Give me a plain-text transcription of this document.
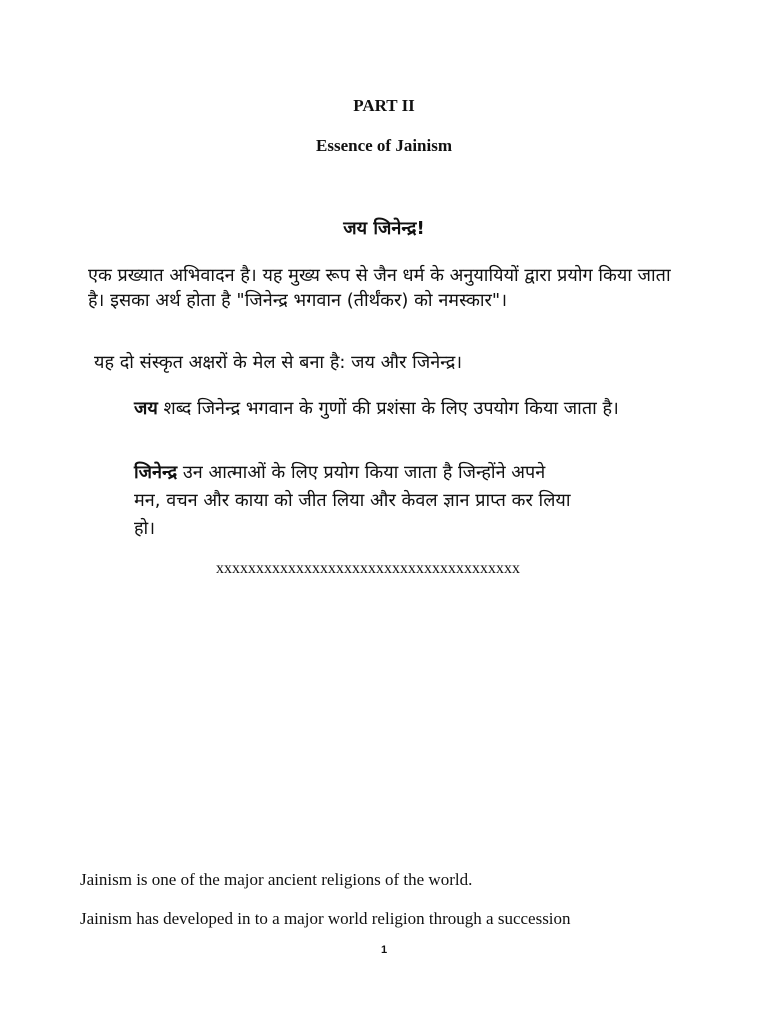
PART II
Essence of Jainism
जय जिनेन्द्र!
एक प्रख्यात अभिवादन है। यह मुख्य रूप से जैन धर्म के अनुयायियों द्वारा प्रयोग किया जाता है। इसका अर्थ होता है "जिनेन्द्र भगवान (तीर्थंकर) को नमस्कार"।
यह दो संस्कृत अक्षरों के मेल से बना है: जय और जिनेन्द्र।
जय शब्द जिनेन्द्र भगवान के गुणों की प्रशंसा के लिए उपयोग किया जाता है।
जिनेन्द्र उन आत्माओं के लिए प्रयोग किया जाता है जिन्होंने अपने
मन, वचन और काया को जीत लिया और केवल ज्ञान प्राप्त कर लिया
हो।
xxxxxxxxxxxxxxxxxxxxxxxxxxxxxxxxxxxxxx
Jainism is one of the major ancient religions of the world.
Jainism has developed in to a major world religion through a succession
1
